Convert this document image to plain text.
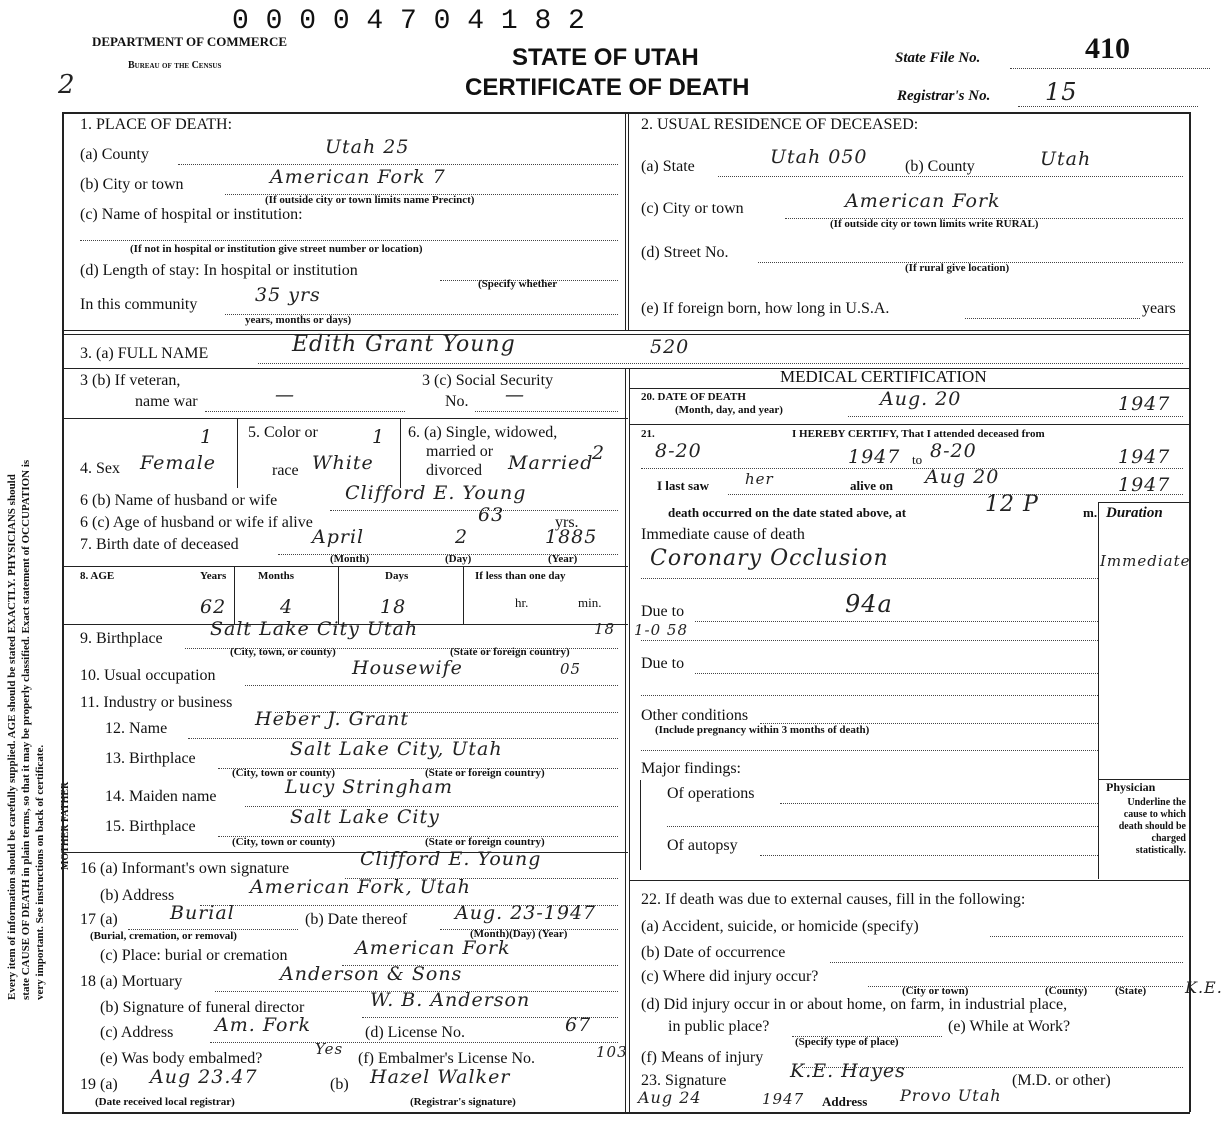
Every item of information should be carefully supplied. AGE should be stated EXACTLY. PHYSICIANS should state CAUSE OF DEATH in plain terms, so that it may be properly classified. Exact statement of OCCUPATION is very important. See instructions on back of certificate. MOTHER FATHER
0 0 0 0 4 7 0 4 1 8 2
DEPARTMENT OF COMMERCE
Bureau of the Census	STATE OF UTAH
CERTIFICATE OF DEATH
State File No.	410
Registrar's No. 15
2
1. PLACE OF DEATH:
(a) County	Utah 25
(b) City or town	American Fork 7
(If outside city or town limits name Precinct)
(c) Name of hospital or institution:
(If not in hospital or institution give street number or location)
(d) Length of stay: In hospital or institution
(Specify whether
In this community	35 yrs
years, months or days)
2. USUAL RESIDENCE OF DECEASED:
(a) State	Utah 050 (b) County	Utah
(c) City or town	American Fork
(If outside city or town limits write RURAL)
(d) Street No.
(If rural give location)
(e) If foreign born, how long in U.S.A.	years
3. (a) FULL NAME	Edith Grant Young	520
3 (b) If veteran,
name war	—
3 (c) Social Security
No. —
4. Sex
1
Female
5. Color or	1
race White
6. (a) Single, widowed,
married or
divorced
2
Married
6 (b) Name of husband or wife	Clifford E. Young
6 (c) Age of husband or wife if alive	63	yrs.
7. Birth date of deceased	April	2	1885
(Month)	(Day)	(Year)
8. AGE	Years	Months	Days	If less than one day
62	4	18	hr.	min.
9. Birthplace Salt Lake City Utah	18
(City, town, or county)	(State or foreign country)
10. Usual occupation	Housewife	05
11. Industry or business
12. Name	Heber J. Grant
13. Birthplace	Salt Lake City, Utah
(City, town or county)	(State or foreign country)
14. Maiden name	Lucy Stringham
15. Birthplace	Salt Lake City
(City, town or county)	(State or foreign country)
16 (a) Informant's own signature	Clifford E. Young
(b) Address	American Fork, Utah
17 (a)	Burial
(Burial, cremation, or removal)
(b) Date thereof	Aug. 23-1947
(Month)(Day) (Year)
(c) Place: burial or cremation	American Fork
18 (a) Mortuary	Anderson & Sons
(b) Signature of funeral director	W. B. Anderson
(c) Address Am. Fork	(d) License No.	67
(e) Was body embalmed?
Yes
(f) Embalmer's License No.	103
19 (a) Aug 23.47
(Date received local registrar)
(b) Hazel Walker
(Registrar's signature)
MEDICAL CERTIFICATION
20. DATE OF DEATH
(Month, day, and year)	Aug. 20	1947
21.	I HEREBY CERTIFY, That I attended deceased from
8-20	1947 to 8-20	1947
I last saw her	alive on Aug 20	1947
death occurred on the date stated above, at	12 P	m. Duration
Immediate cause of death
Coronary Occlusion	Immediate
1-0 58
Due to	94a
Due to
Other conditions
(Include pregnancy within 3 months of death)
Major findings:
Of operations
Of autopsy
Physician
Underline the cause to which death should be charged statistically.
22. If death was due to external causes, fill in the following:
(a) Accident, suicide, or homicide (specify)
(b) Date of occurrence
(c) Where did injury occur?
(City or town)	(County)	(State) K.E.
(d) Did injury occur in or about home, on farm, in industrial place,
in public place?
(Specify type of place)
(e) While at Work?
(f) Means of injury
23. Signature	K.E. Hayes	(M.D. or other)
Aug 24	1947 Address Provo Utah
